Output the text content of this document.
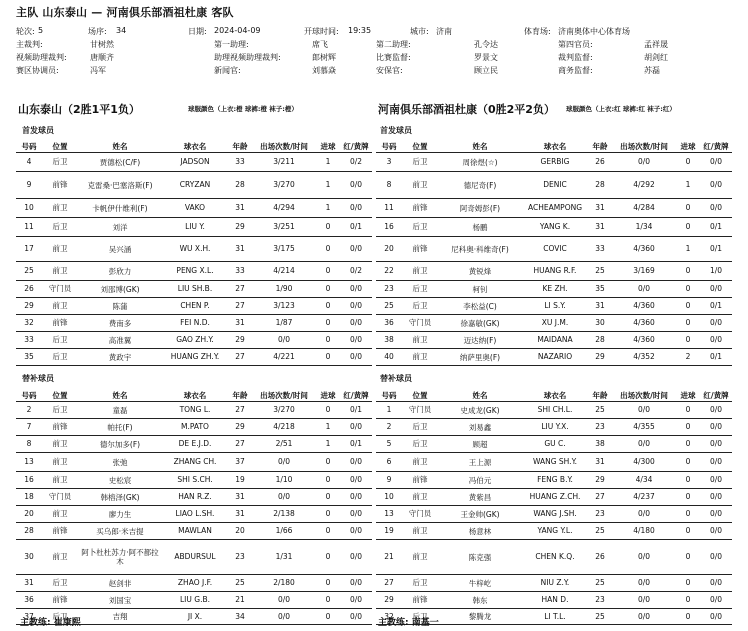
主队 山东泰山 — 河南俱乐部酒祖杜康 客队
轮次: 5	场序: 34	日期: 2024-04-09	开球时间: 19:35	城市: 济南	体育场: 济南奥体中心体育场
主裁判:	甘树然	第一助理:	席飞	第二助理:	孔令达	第四官员:	孟祥晟
视频助理裁判:	唐顺齐	助理视频助理裁判:	郎树辉	比赛监督:	罗景文	裁判监督:	胡剑红
赛区协调员:	冯军	新闻官:	刘慕焱	安保官:	顾立民	商务监督:	苏磊
山东泰山（2胜1平1负）	球服颜色（上衣:橙 球裤:橙 袜子:橙）	河南俱乐部酒祖杜康（0胜2平2负） 球服颜色（上衣:红 球裤:红 袜子:红）
首发球员	首发球员
替补球员	替补球员
号码	位置	姓名	球衣名	年龄	出场次数/时间	进球	红/黄牌
4	后卫	贾德松(C/F)	JADSON	33	3/211	1	0/2
9	前锋	克雷桑·巴塞洛斯(F)	CRYZAN	28	3/270	1	0/0
10	前卫	卡帆伊什维利(F)	VAKO	31	4/294	1	0/0
11	后卫	刘洋	LIU Y.	29	3/251	0	0/1
17	前卫	吴兴涵	WU X.H.	31	3/175	0	0/0
25	前卫	彭欣力	PENG X.L.	33	4/214	0	0/2
26	守门员	刘邵博(GK)	LIU SH.B.	27	1/90	0	0/0
29	前卫	陈蒲	CHEN P.	27	3/123	0	0/0
32	前锋	费南多	FEI N.D.	31	1/87	0	0/0
33	后卫	高准翼	GAO ZH.Y.	29	0/0	0	0/0
35	后卫	黄政宇	HUANG ZH.Y.	27	4/221	0	0/0
号码	位置	姓名	球衣名	年龄	出场次数/时间	进球	红/黄牌
3	后卫	周徐煜(☆)	GERBIG	26	0/0	0	0/0
8	前卫	德尼奇(F)	DENIC	28	4/292	1	0/0
11	前锋	阿奇姆彭(F)	ACHEAMPONG	31	4/284	0	0/0
16	后卫	杨鹏	YANG K.	31	1/34	0	0/1
20	前锋	尼科奥·科维奇(F)	COVIC	33	4/360	1	0/1
22	前卫	黄锐烽	HUANG R.F.	25	3/169	0	1/0
23	后卫	柯钊	KE ZH.	35	0/0	0	0/0
25	后卫	李松益(C)	LI S.Y.	31	4/360	0	0/1
36	守门员	徐嘉敏(GK)	XU J.M.	30	4/360	0	0/0
38	前卫	迈达纳(F)	MAIDANA	28	4/360	0	0/0
40	前卫	纳萨里奥(F)	NAZARIO	29	4/352	2	0/1
号码	位置	姓名	球衣名	年龄	出场次数/时间	进球	红/黄牌
2	后卫	童磊	TONG L.	27	3/270	0	0/1
7	前锋	帕托(F)	M.PATO	29	4/218	1	0/0
8	前卫	德尔加多(F)	DE E.J.D.	27	2/51	1	0/1
13	前卫	张弛	ZHANG CH.	37	0/0	0	0/0
16	前卫	史松宸	SHI S.CH.	19	1/10	0	0/0
18	守门员	韩榕泽(GK)	HAN R.Z.	31	0/0	0	0/0
20	前卫	廖力生	LIAO L.SH.	31	2/138	0	0/0
28	前锋	买乌郎·米吉提	MAWLAN	20	1/66	0	0/0
30	前卫	阿卜杜杜苏力·阿不都拉木	ABDURSUL	23	1/31	0	0/0
31	后卫	赵剑非	ZHAO J.F.	25	2/180	0	0/0
36	前锋	刘国宝	LIU G.B.	21	0/0	0	0/0
37	后卫	吉翔	JI X.	34	0/0	0	0/0
号码	位置	姓名	球衣名	年龄	出场次数/时间	进球	红/黄牌
1	守门员	史成龙(GK)	SHI CH.L.	25	0/0	0	0/0
2	后卫	刘易鑫	LIU Y.X.	23	4/355	0	0/0
5	后卫	顾超	GU C.	38	0/0	0	0/0
6	前卫	王上源	WANG SH.Y.	31	4/300	0	0/0
9	前锋	冯伯元	FENG B.Y.	29	4/34	0	0/0
10	前卫	黄紫昌	HUANG Z.CH.	27	4/237	0	0/0
13	守门员	王金帅(GK)	WANG J.SH.	23	0/0	0	0/0
19	前卫	杨意林	YANG Y.L.	25	4/180	0	0/0
21	前卫	陈克强	CHEN K.Q.	26	0/0	0	0/0
27	后卫	牛梓屹	NIU Z.Y.	25	0/0	0	0/0
29	前锋	韩东	HAN D.	23	0/0	0	0/0
32	后卫	黎腾龙	LI T.L.	25	0/0	0	0/0
主教练: 崔康熙	主教练: 南基一
